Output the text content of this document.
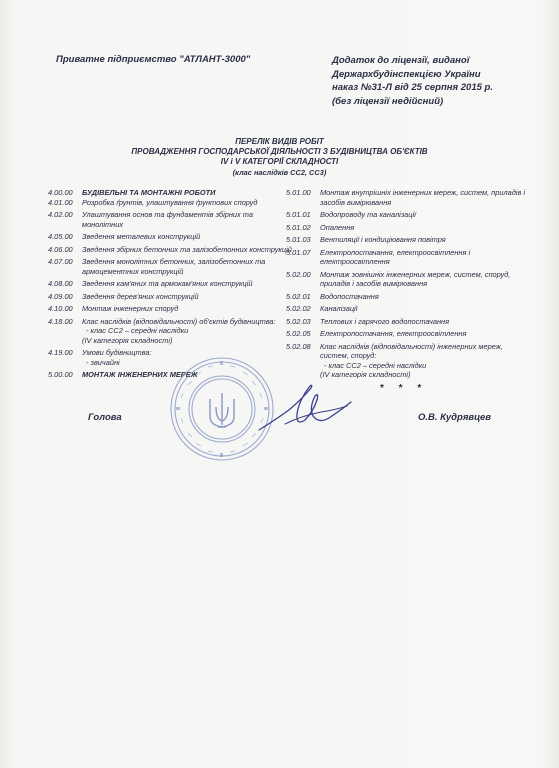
Приватне підприємство "АТЛАНТ-3000"	Додаток до ліцензії, виданої
Держархбудінспекцією України
наказ №31-Л від 25 серпня 2015 р.
(без ліцензії недійсний)
ПЕРЕЛІК ВИДІВ РОБІТ
ПРОВАДЖЕННЯ ГОСПОДАРСЬКОЇ ДІЯЛЬНОСТІ З БУДІВНИЦТВА ОБ'ЄКТІВ
IV і V КАТЕГОРІЇ СКЛАДНОСТІ
(клас наслідків СС2, СС3)
4.00.00	БУДІВЕЛЬНІ ТА МОНТАЖНІ РОБОТИ
4.01.00	Розробка ґрунтів, улаштування ґрунтових споруд
4.02.00	Улаштування основ та фундаментів збірних та монолітних
4.05.00	Зведення металевих конструкцій
4.06.00	Зведення збірних бетонних та залізобетонних конструкцій
4.07.00	Зведення монолітних бетонних, залізобетонних та армоцементних конструкцій
4.08.00	Зведення кам'яних та армокам'яних конструкцій
4.09.00	Зведення дерев'яних конструкцій
4.10.00	Монтаж інженерних споруд
4.18.00	Клас наслідків (відповідальності) об'єктів будівництва:
- клас СС2 – середні наслідки
(IV категорія складності)
4.19.00	Умови будівництва:
- звичайні
5.00.00	МОНТАЖ ІНЖЕНЕРНИХ МЕРЕЖ
5.01.00	Монтаж внутрішніх інженерних мереж, систем, приладів і засобів вимірювання
5.01.01	Водопроводу та каналізації
5.01.02	Опалення
5.01.03	Вентиляції і кондиціювання повітря
5.01.07	Електропостачання, електроосвітлення і електроосвітлення
5.02.00	Монтаж зовнішніх інженерних мереж, систем, споруд, приладів і засобів вимірювання
5.02.01	Водопостачання
5.02.02	Каналізації
5.02.03	Теплових і гарячого водопостачання
5.02.05	Електропостачання, електроосвітлення
5.02.08	Клас наслідків (відповідальності) інженерних мереж, систем, споруд:
- клас СС2 – середні наслідки
(IV категорія складності)
* * *
Голова	О.В. Кудрявцев
